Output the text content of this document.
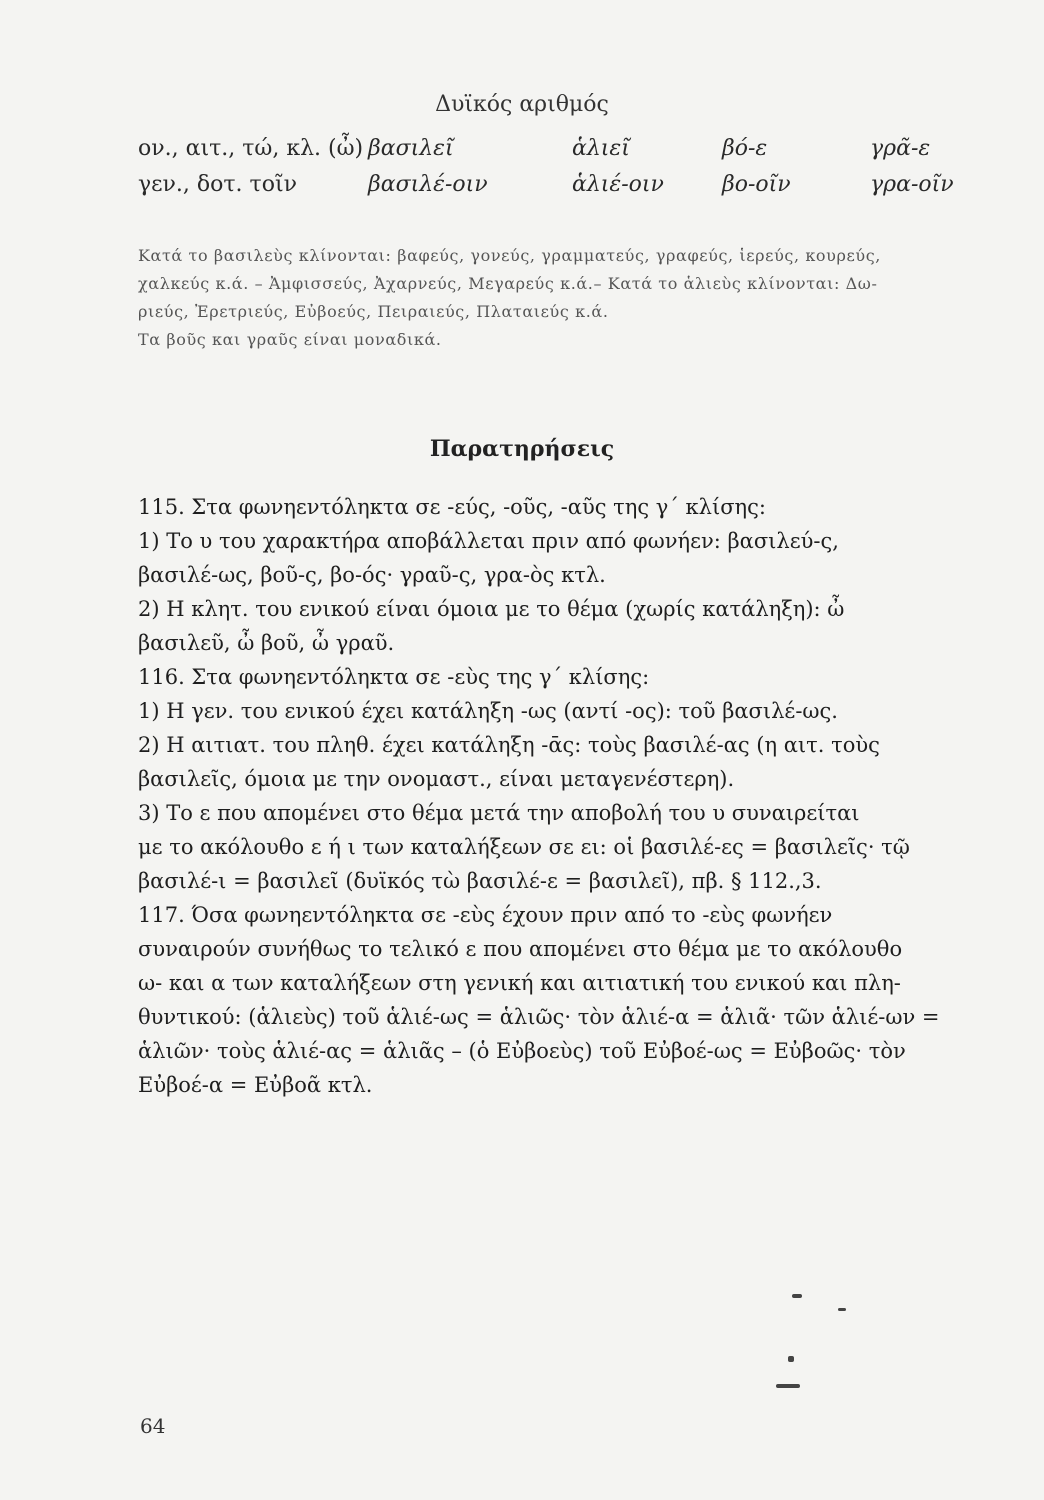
Δυϊκός αριθμός
ον., αιτ., τώ, κλ. (ὦ) βασιλεῖ	ἁλιεῖ	βό-ε	γρᾶ-ε
γεν., δοτ. τοῖν	βασιλέ-οιν	ἁλιέ-οιν	βο-οῖν	γρα-οῖν
Κατά το βασιλεὺς κλίνονται: βαφεύς, γονεύς, γραμματεύς, γραφεύς, ἱερεύς, κουρεύς,
χαλκεύς κ.ά. – Ἀμφισσεύς, Ἀχαρνεύς, Μεγαρεύς κ.ά.– Κατά το ἁλιεὺς κλίνονται: Δω-
ριεύς, Ἐρετριεύς, Εὐβοεύς, Πειραιεύς, Πλαταιεύς κ.ά.
Τα βοῦς και γραῦς είναι μοναδικά.
Παρατηρήσεις

115. Στα φωνηεντόληκτα σε -εύς, -οῦς, -αῦς της γ΄ κλίσης:

1) Το υ του χαρακτήρα αποβάλλεται πριν από φωνήεν: βασιλεύ-ς,

βασιλέ-ως, βοῦ-ς, βο-ός· γραῦ-ς, γρα-ὸς κτλ.

2) Η κλητ. του ενικού είναι όμοια με το θέμα (χωρίς κατάληξη): ὦ

βασιλεῦ, ὦ βοῦ, ὦ γραῦ.

116. Στα φωνηεντόληκτα σε -εὺς της γ΄ κλίσης:

1) Η γεν. του ενικού έχει κατάληξη -ως (αντί -ος): τοῦ βασιλέ-ως.

2) Η αιτιατ. του πληθ. έχει κατάληξη -ᾱς: τοὺς βασιλέ-ας (η αιτ. τοὺς

βασιλεῖς, όμοια με την ονομαστ., είναι μεταγενέστερη).

3) Το ε που απομένει στο θέμα μετά την αποβολή του υ συναιρείται

με το ακόλουθο ε ή ι των καταλήξεων σε ει: οἱ βασιλέ-ες = βασιλεῖς· τῷ

βασιλέ-ι = βασιλεῖ (δυϊκός τὼ βασιλέ-ε = βασιλεῖ), πβ. § 112.,3.

117. Όσα φωνηεντόληκτα σε -εὺς έχουν πριν από το -εὺς φωνήεν

συναιρούν συνήθως το τελικό ε που απομένει στο θέμα με το ακόλουθο

ω- και α των καταλήξεων στη γενική και αιτιατική του ενικού και πλη-

θυντικού: (ἁλιεὺς) τοῦ ἁλιέ-ως = ἁλιῶς· τὸν ἁλιέ-α = ἁλιᾶ· τῶν ἁλιέ-ων =

ἁλιῶν· τοὺς ἁλιέ-ας = ἁλιᾶς – (ὁ Εὐβοεὺς) τοῦ Εὐβοέ-ως = Εὐβοῶς· τὸν

Εὐβοέ-α = Εὐβοᾶ κτλ.

64
